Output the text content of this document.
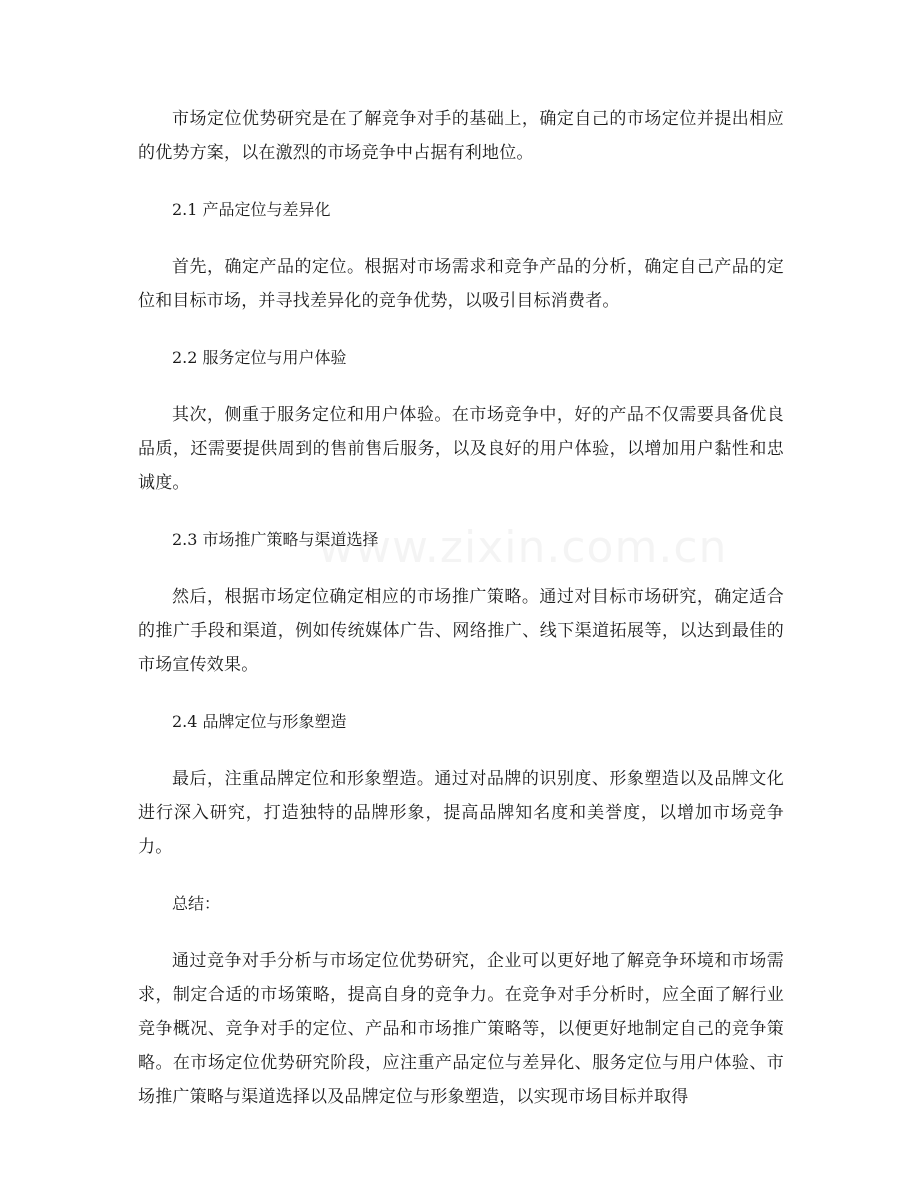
市场定位优势研究是在了解竞争对手的基础上，确定自己的市场定位并提出相应的优势方案，以在激烈的市场竞争中占据有利地位。

2.1 产品定位与差异化

首先，确定产品的定位。根据对市场需求和竞争产品的分析，确定自己产品的定位和目标市场，并寻找差异化的竞争优势，以吸引目标消费者。

2.2 服务定位与用户体验

其次，侧重于服务定位和用户体验。在市场竞争中，好的产品不仅需要具备优良品质，还需要提供周到的售前售后服务，以及良好的用户体验，以增加用户黏性和忠诚度。

2.3 市场推广策略与渠道选择

然后，根据市场定位确定相应的市场推广策略。通过对目标市场研究，确定适合的推广手段和渠道，例如传统媒体广告、网络推广、线下渠道拓展等，以达到最佳的市场宣传效果。

2.4 品牌定位与形象塑造

最后，注重品牌定位和形象塑造。通过对品牌的识别度、形象塑造以及品牌文化进行深入研究，打造独特的品牌形象，提高品牌知名度和美誉度，以增加市场竞争力。

总结：

通过竞争对手分析与市场定位优势研究，企业可以更好地了解竞争环境和市场需求，制定合适的市场策略，提高自身的竞争力。在竞争对手分析时，应全面了解行业竞争概况、竞争对手的定位、产品和市场推广策略等，以便更好地制定自己的竞争策略。在市场定位优势研究阶段，应注重产品定位与差异化、服务定位与用户体验、市场推广策略与渠道选择以及品牌定位与形象塑造，以实现市场目标并取得

www.zixin.com.cn
